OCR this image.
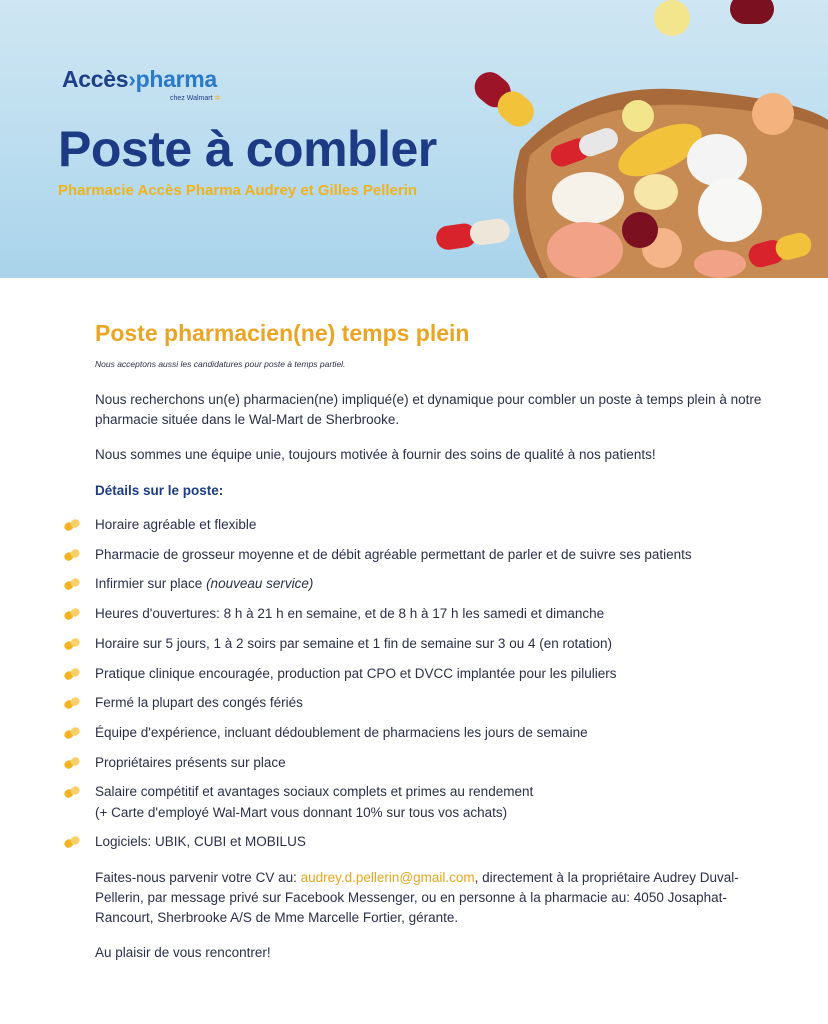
Accès›pharma
chez Walmart ✲
Poste à combler
Pharmacie Accès Pharma Audrey et Gilles Pellerin
Poste pharmacien(ne) temps plein
Nous acceptons aussi les candidatures pour poste à temps partiel.
Nous recherchons un(e) pharmacien(ne) impliqué(e) et dynamique pour combler un poste à temps plein à notre pharmacie située dans le Wal-Mart de Sherbrooke.
Nous sommes une équipe unie, toujours motivée à fournir des soins de qualité à nos patients!
Détails sur le poste:
Horaire agréable et flexible
Pharmacie de grosseur moyenne et de débit agréable permettant de parler et de suivre ses patients
Infirmier sur place (nouveau service)
Heures d'ouvertures: 8 h à 21 h en semaine, et de 8 h à 17 h les samedi et dimanche
Horaire sur 5 jours, 1 à 2 soirs par semaine et 1 fin de semaine sur 3 ou 4 (en rotation)
Pratique clinique encouragée, production pat CPO et DVCC implantée pour les piluliers
Fermé la plupart des congés fériés
Équipe d'expérience, incluant dédoublement de pharmaciens les jours de semaine
Propriétaires présents sur place
Salaire compétitif et avantages sociaux complets et primes au rendement
(+ Carte d'employé Wal-Mart vous donnant 10% sur tous vos achats)
Logiciels: UBIK, CUBI et MOBILUS
Faites-nous parvenir votre CV au: audrey.d.pellerin@gmail.com, directement à la propriétaire Audrey Duval-Pellerin, par message privé sur Facebook Messenger, ou en personne à la pharmacie au: 4050 Josaphat-Rancourt, Sherbrooke A/S de Mme Marcelle Fortier, gérante.
Au plaisir de vous rencontrer!
